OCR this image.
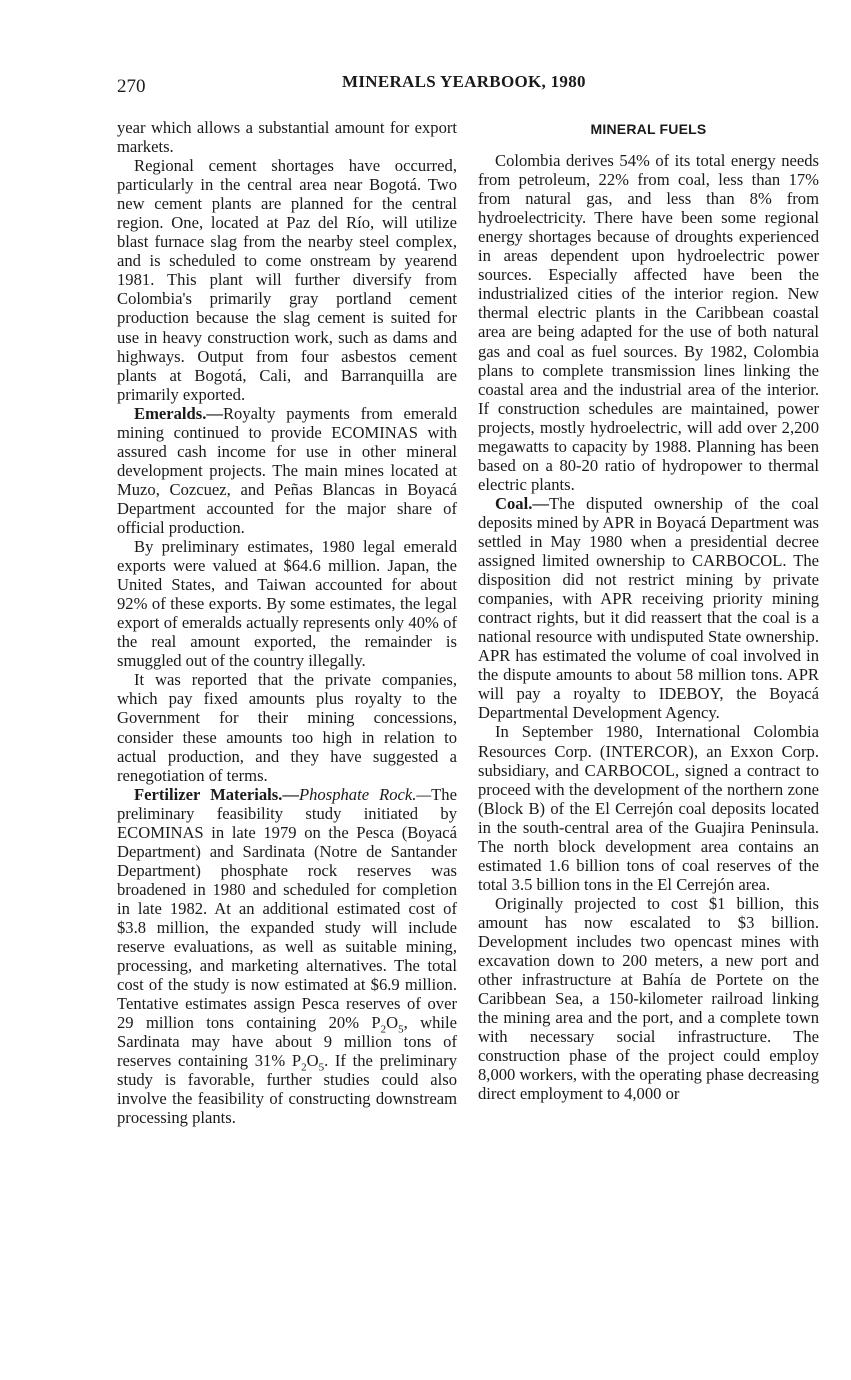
270	MINERALS YEARBOOK, 1980

year which allows a substantial amount for export markets.

Regional cement shortages have occurred, particularly in the central area near Bogotá. Two new cement plants are planned for the central region. One, located at Paz del Río, will utilize blast furnace slag from the nearby steel complex, and is scheduled to come onstream by yearend 1981. This plant will further diversify from Colombia's primarily gray portland cement production because the slag cement is suited for use in heavy construction work, such as dams and highways. Output from four asbestos cement plants at Bogotá, Cali, and Barranquilla are primarily exported.

Emeralds.—Royalty payments from emerald mining continued to provide ECOMINAS with assured cash income for use in other mineral development projects. The main mines located at Muzo, Cozcuez, and Peñas Blancas in Boyacá Department accounted for the major share of official production.

By preliminary estimates, 1980 legal emerald exports were valued at $64.6 million. Japan, the United States, and Taiwan accounted for about 92% of these exports. By some estimates, the legal export of emeralds actually represents only 40% of the real amount exported, the remainder is smuggled out of the country illegally.

It was reported that the private companies, which pay fixed amounts plus royalty to the Government for their mining concessions, consider these amounts too high in relation to actual production, and they have suggested a renegotiation of terms.

Fertilizer Materials.—Phosphate Rock.—The preliminary feasibility study initiated by ECOMINAS in late 1979 on the Pesca (Boyacá Department) and Sardinata (Notre de Santander Department) phosphate rock reserves was broadened in 1980 and scheduled for completion in late 1982. At an additional estimated cost of $3.8 million, the expanded study will include reserve evaluations, as well as suitable mining, processing, and marketing alternatives. The total cost of the study is now estimated at $6.9 million. Tentative estimates assign Pesca reserves of over 29 million tons containing 20% $P_2O_5$, while Sardinata may have about 9 million tons of reserves containing 31% $P_2O_5$. If the preliminary study is favorable, further studies could also involve the feasibility of constructing downstream processing plants.

MINERAL FUELS

Colombia derives 54% of its total energy needs from petroleum, 22% from coal, less than 17% from natural gas, and less than 8% from hydroelectricity. There have been some regional energy shortages because of droughts experienced in areas dependent upon hydroelectric power sources. Especially affected have been the industrialized cities of the interior region. New thermal electric plants in the Caribbean coastal area are being adapted for the use of both natural gas and coal as fuel sources. By 1982, Colombia plans to complete transmission lines linking the coastal area and the industrial area of the interior. If construction schedules are maintained, power projects, mostly hydroelectric, will add over 2,200 megawatts to capacity by 1988. Planning has been based on a 80-20 ratio of hydropower to thermal electric plants.

Coal.—The disputed ownership of the coal deposits mined by APR in Boyacá Department was settled in May 1980 when a presidential decree assigned limited ownership to CARBOCOL. The disposition did not restrict mining by private companies, with APR receiving priority mining contract rights, but it did reassert that the coal is a national resource with undisputed State ownership. APR has estimated the volume of coal involved in the dispute amounts to about 58 million tons. APR will pay a royalty to IDEBOY, the Boyacá Departmental Development Agency.

In September 1980, International Colombia Resources Corp. (INTERCOR), an Exxon Corp. subsidiary, and CARBOCOL, signed a contract to proceed with the development of the northern zone (Block B) of the El Cerrejón coal deposits located in the south-central area of the Guajira Peninsula. The north block development area contains an estimated 1.6 billion tons of coal reserves of the total 3.5 billion tons in the El Cerrejón area.

Originally projected to cost $1 billion, this amount has now escalated to $3 billion. Development includes two opencast mines with excavation down to 200 meters, a new port and other infrastructure at Bahía de Portete on the Caribbean Sea, a 150-kilometer railroad linking the mining area and the port, and a complete town with necessary social infrastructure. The construction phase of the project could employ 8,000 workers, with the operating phase decreasing direct employment to 4,000 or
